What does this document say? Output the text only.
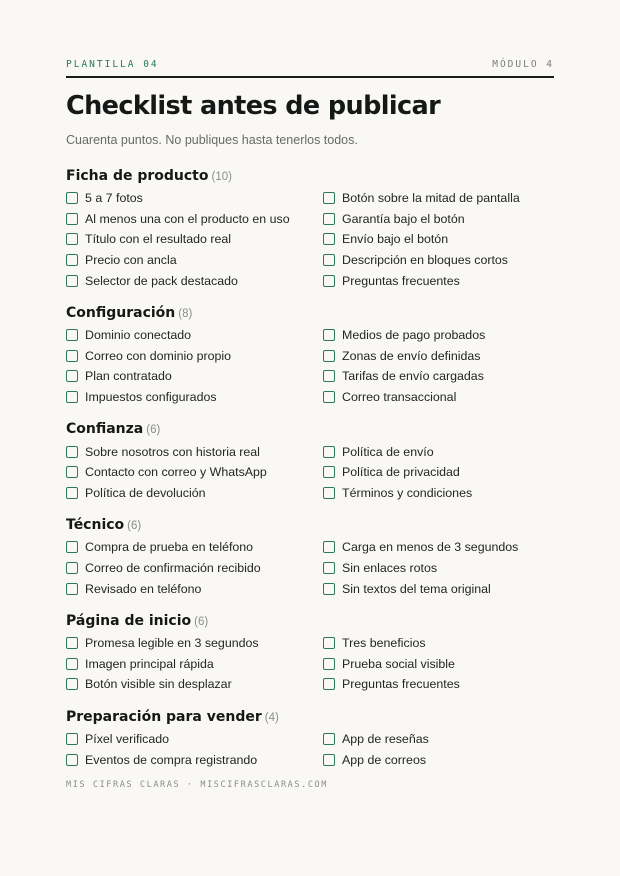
PLANTILLA 04	MÓDULO 4
Checklist antes de publicar

Cuarenta puntos. No publiques hasta tenerlos todos.

Ficha de producto (10)
5 a 7 fotos
Al menos una con el producto en uso
Título con el resultado real
Precio con ancla
Selector de pack destacado
Botón sobre la mitad de pantalla
Garantía bajo el botón
Envío bajo el botón
Descripción en bloques cortos
Preguntas frecuentes
Configuración (8)
Dominio conectado
Correo con dominio propio
Plan contratado
Impuestos configurados
Medios de pago probados
Zonas de envío definidas
Tarifas de envío cargadas
Correo transaccional
Confianza (6)
Sobre nosotros con historia real
Contacto con correo y WhatsApp
Política de devolución
Política de envío
Política de privacidad
Términos y condiciones
Técnico (6)
Compra de prueba en teléfono
Correo de confirmación recibido
Revisado en teléfono
Carga en menos de 3 segundos
Sin enlaces rotos
Sin textos del tema original
Página de inicio (6)
Promesa legible en 3 segundos
Imagen principal rápida
Botón visible sin desplazar
Tres beneficios
Prueba social visible
Preguntas frecuentes
Preparación para vender (4)
Píxel verificado
Eventos de compra registrando
App de reseñas
App de correos
MIS CIFRAS CLARAS · MISCIFRASCLARAS.COM
